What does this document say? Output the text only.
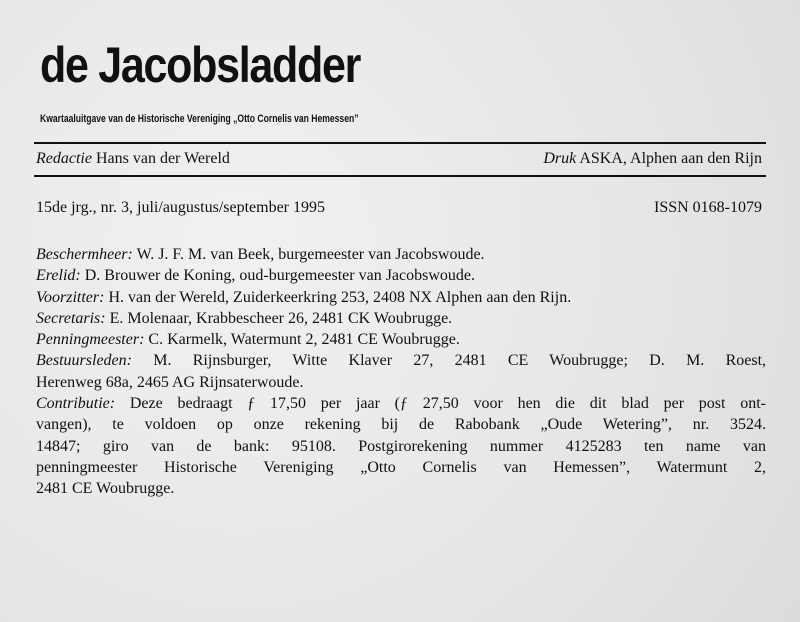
de Jacobsladder
Kwartaaluitgave van de Historische Vereniging „Otto Cornelis van Hemessen”
Redactie Hans van der Wereld	Druk ASKA, Alphen aan den Rijn
15de jrg., nr. 3, juli/augustus/september 1995	ISSN 0168-1079
Beschermheer: W. J. F. M. van Beek, burgemeester van Jacobswoude.
Erelid: D. Brouwer de Koning, oud-burgemeester van Jacobswoude.
Voorzitter: H. van der Wereld, Zuiderkeerkring 253, 2408 NX Alphen aan den Rijn.
Secretaris: E. Molenaar, Krabbescheer 26, 2481 CK Woubrugge.
Penningmeester: C. Karmelk, Watermunt 2, 2481 CE Woubrugge.
Bestuursleden: M. Rijnsburger, Witte Klaver 27, 2481 CE Woubrugge; D. M. Roest,
Herenweg 68a, 2465 AG Rijnsaterwoude.
Contributie: Deze bedraagt ƒ 17,50 per jaar (ƒ 27,50 voor hen die dit blad per post ont-
vangen), te voldoen op onze rekening bij de Rabobank „Oude Wetering”, nr. 3524.
14847; giro van de bank: 95108. Postgirorekening nummer 4125283 ten name van
penningmeester Historische Vereniging „Otto Cornelis van Hemessen”, Watermunt 2,
2481 CE Woubrugge.
